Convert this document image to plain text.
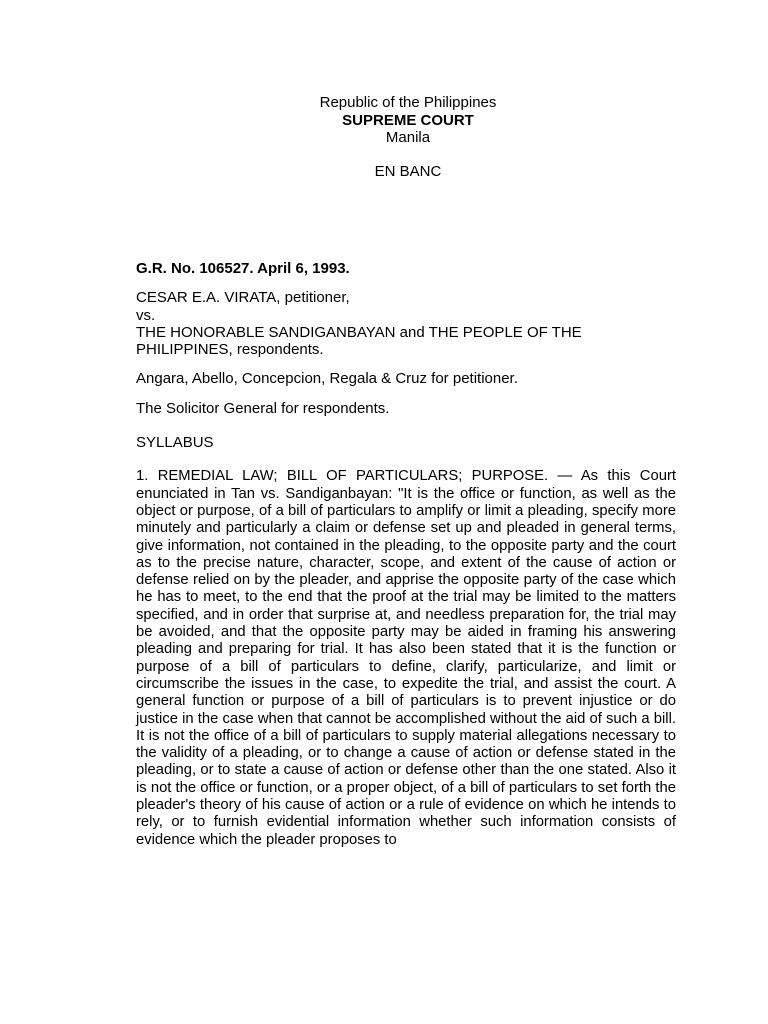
Republic of the Philippines
SUPREME COURT
Manila
EN BANC

G.R. No. 106527. April 6, 1993.

CESAR E.A. VIRATA, petitioner,

vs.

THE HONORABLE SANDIGANBAYAN and THE PEOPLE OF THE PHILIPPINES, respondents.

Angara, Abello, Concepcion, Regala & Cruz for petitioner.

The Solicitor General for respondents.

SYLLABUS

1. REMEDIAL LAW; BILL OF PARTICULARS; PURPOSE. — As this Court enunciated in Tan vs. Sandiganbayan: "It is the office or function, as well as the object or purpose, of a bill of particulars to amplify or limit a pleading, specify more minutely and particularly a claim or defense set up and pleaded in general terms, give information, not contained in the pleading, to the opposite party and the court as to the precise nature, character, scope, and extent of the cause of action or defense relied on by the pleader, and apprise the opposite party of the case which he has to meet, to the end that the proof at the trial may be limited to the matters specified, and in order that surprise at, and needless preparation for, the trial may be avoided, and that the opposite party may be aided in framing his answering pleading and preparing for trial. It has also been stated that it is the function or purpose of a bill of particulars to define, clarify, particularize, and limit or circumscribe the issues in the case, to expedite the trial, and assist the court. A general function or purpose of a bill of particulars is to prevent injustice or do justice in the case when that cannot be accomplished without the aid of such a bill. It is not the office of a bill of particulars to supply material allegations necessary to the validity of a pleading, or to change a cause of action or defense stated in the pleading, or to state a cause of action or defense other than the one stated. Also it is not the office or function, or a proper object, of a bill of particulars to set forth the pleader's theory of his cause of action or a rule of evidence on which he intends to rely, or to furnish evidential information whether such information consists of evidence which the pleader proposes to
